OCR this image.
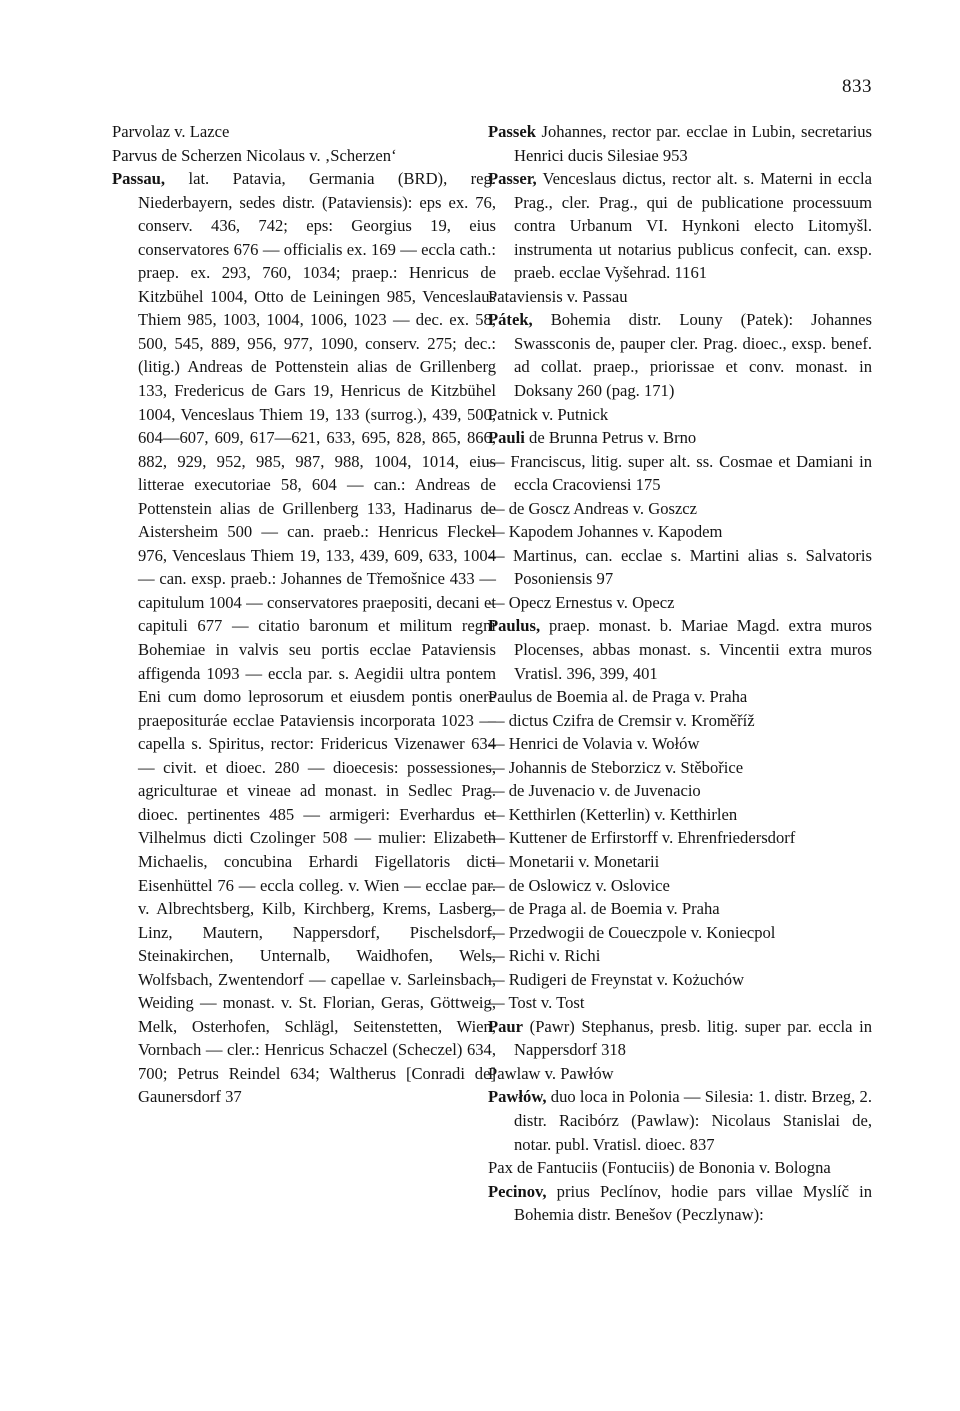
833

Parvolaz v. Lazce

Parvus de Scherzen Nicolaus v. ‚Scherzen‘

Passau, lat. Patavia, Germania (BRD), reg. Niederbayern, sedes distr. (Pataviensis): eps ex. 76, conserv. 436, 742; eps: Georgius 19, eius conservatores 676 — officialis ex. 169 — eccla cath.: praep. ex. 293, 760, 1034; praep.: Henricus de Kitzbühel 1004, Otto de Leiningen 985, Venceslaus Thiem 985, 1003, 1004, 1006, 1023 — dec. ex. 58, 500, 545, 889, 956, 977, 1090, conserv. 275; dec.: (litig.) Andreas de Pottenstein alias de Grillenberg 133, Fredericus de Gars 19, Henricus de Kitzbühel 1004, Venceslaus Thiem 19, 133 (surrog.), 439, 500, 604—607, 609, 617—621, 633, 695, 828, 865, 866, 882, 929, 952, 985, 987, 988, 1004, 1014, eius litterae executoriae 58, 604 — can.: Andreas de Pottenstein alias de Grillenberg 133, Hadinarus de Aistersheim 500 — can. praeb.: Henricus Fleckel 976, Venceslaus Thiem 19, 133, 439, 609, 633, 1004 — can. exsp. praeb.: Johannes de Třemošnice 433 — capitulum 1004 — conservatores praepositi, decani et capituli 677 — citatio baronum et militum regni Bohemiae in valvis seu portis ecclae Pataviensis affigenda 1093 — eccla par. s. Aegidii ultra pontem Eni cum domo leprosorum et eiusdem pontis onere praeposituráe ecclae Pataviensis incorporata 1023 — capella s. Spiritus, rector: Fridericus Vizenawer 634 — civit. et dioec. 280 — dioecesis: possessiones, agriculturae et vineae ad monast. in Sedlec Prag. dioec. pertinentes 485 — armigeri: Everhardus et Vilhelmus dicti Czolinger 508 — mulier: Elizabeth Michaelis, concubina Erhardi Figellatoris dicti Eisenhüttel 76 — eccla colleg. v. Wien — ecclae par. v. Albrechtsberg, Kilb, Kirchberg, Krems, Lasberg, Linz, Mautern, Nappersdorf, Pischelsdorf, Steinakirchen, Unternalb, Waidhofen, Wels, Wolfsbach, Zwentendorf — capellae v. Sarleinsbach, Weiding — monast. v. St. Florian, Geras, Göttweig, Melk, Osterhofen, Schlägl, Seitenstetten, Wien, Vornbach — cler.: Henricus Schaczel (Scheczel) 634, 700; Petrus Reindel 634; Waltherus [Conradi de] Gaunersdorf 37

Passek Johannes, rector par. ecclae in Lubin, secretarius Henrici ducis Silesiae 953

Passer, Venceslaus dictus, rector alt. s. Materni in eccla Prag., cler. Prag., qui de publicatione processuum contra Urbanum VI. Hynkoni electo Litomyšl. instrumenta ut notarius publicus confecit, can. exsp. praeb. ecclae Vyšehrad. 1161

Pataviensis v. Passau

Pátek, Bohemia distr. Louny (Patek): Johannes Swassconis de, pauper cler. Prag. dioec., exsp. benef. ad collat. praep., priorissae et conv. monast. in Doksany 260 (pag. 171)

Patnick v. Putnick

Pauli de Brunna Petrus v. Brno

— Franciscus, litig. super alt. ss. Cosmae et Damiani in eccla Cracoviensi 175

— de Goscz Andreas v. Goszcz

— Kapodem Johannes v. Kapodem

— Martinus, can. ecclae s. Martini alias s. Salvatoris Posoniensis 97

— Opecz Ernestus v. Opecz

Paulus, praep. monast. b. Mariae Magd. extra muros Plocenses, abbas monast. s. Vincentii extra muros Vratisl. 396, 399, 401

Paulus de Boemia al. de Praga v. Praha

— dictus Czifra de Cremsir v. Kroměříž

— Henrici de Volavia v. Wołów

— Johannis de Steborzicz v. Stěbořice

— de Juvenacio v. de Juvenacio

— Ketthirlen (Ketterlin) v. Ketthirlen

— Kuttener de Erfirstorff v. Ehrenfriedersdorf

— Monetarii v. Monetarii

— de Oslowicz v. Oslovice

— de Praga al. de Boemia v. Praha

— Przedwogii de Coueczpole v. Koniecpol

— Richi v. Richi

— Rudigeri de Freynstat v. Kożuchów

— Tost v. Tost

Paur (Pawr) Stephanus, presb. litig. super par. eccla in Nappersdorf 318

Pawlaw v. Pawłów

Pawłów, duo loca in Polonia — Silesia: 1. distr. Brzeg, 2. distr. Racibórz (Pawlaw): Nicolaus Stanislai de, notar. publ. Vratisl. dioec. 837

Pax de Fantuciis (Fontuciis) de Bononia v. Bologna

Pecinov, prius Peclínov, hodie pars villae Myslíč in Bohemia distr. Benešov (Peczlynaw):
